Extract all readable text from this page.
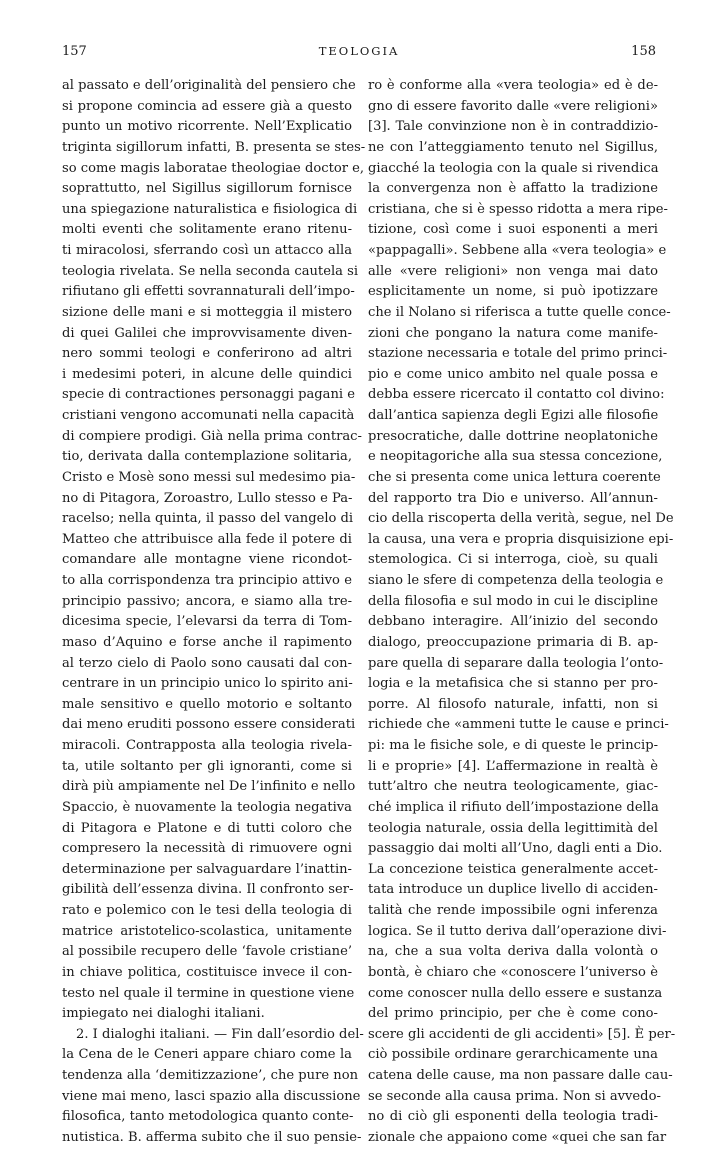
157	TEOLOGIA	158
al passato e dell’originalità del pensiero che
si propone comincia ad essere già a questo
punto un motivo ricorrente. Nell’Explicatio
triginta sigillorum infatti, B. presenta se stes-
so come magis laboratae theologiae doctor e,
soprattutto, nel Sigillus sigillorum fornisce
una spiegazione naturalistica e fisiologica di
molti eventi che solitamente erano ritenu-
ti miracolosi, sferrando così un attacco alla
teologia rivelata. Se nella seconda cautela si
rifiutano gli effetti sovrannaturali dell’impo-
sizione delle mani e si motteggia il mistero
di quei Galilei che improvvisamente diven-
nero sommi teologi e conferirono ad altri
i medesimi poteri, in alcune delle quindici
specie di contractiones personaggi pagani e
cristiani vengono accomunati nella capacità
di compiere prodigi. Già nella prima contrac-
tio, derivata dalla contemplazione solitaria,
Cristo e Mosè sono messi sul medesimo pia-
no di Pitagora, Zoroastro, Lullo stesso e Pa-
racelso; nella quinta, il passo del vangelo di
Matteo che attribuisce alla fede il potere di
comandare alle montagne viene ricondot-
to alla corrispondenza tra principio attivo e
principio passivo; ancora, e siamo alla tre-
dicesima specie, l’elevarsi da terra di Tom-
maso d’Aquino e forse anche il rapimento
al terzo cielo di Paolo sono causati dal con-
centrare in un principio unico lo spirito ani-
male sensitivo e quello motorio e soltanto
dai meno eruditi possono essere considerati
miracoli. Contrapposta alla teologia rivela-
ta, utile soltanto per gli ignoranti, come si
dirà più ampiamente nel De l’infinito e nello
Spaccio, è nuovamente la teologia negativa
di Pitagora e Platone e di tutti coloro che
compresero la necessità di rimuovere ogni
determinazione per salvaguardare l’inattin-
gibilità dell’essenza divina. Il confronto ser-
rato e polemico con le tesi della teologia di
matrice aristotelico-scolastica, unitamente
al possibile recupero delle ‘favole cristiane’
in chiave politica, costituisce invece il con-
testo nel quale il termine in questione viene
impiegato nei dialoghi italiani.
2. I dialoghi italiani. — Fin dall’esordio del-
la Cena de le Ceneri appare chiaro come la
tendenza alla ‘demitizzazione’, che pure non
viene mai meno, lasci spazio alla discussione
filosofica, tanto metodologica quanto conte-
nutistica. B. afferma subito che il suo pensie-
ro è conforme alla «vera teologia» ed è de-
gno di essere favorito dalle «vere religioni»
[3]. Tale convinzione non è in contraddizio-
ne con l’atteggiamento tenuto nel Sigillus,
giacché la teologia con la quale si rivendica
la convergenza non è affatto la tradizione
cristiana, che si è spesso ridotta a mera ripe-
tizione, così come i suoi esponenti a meri
«pappagalli». Sebbene alla «vera teologia» e
alle «vere religioni» non venga mai dato
esplicitamente un nome, si può ipotizzare
che il Nolano si riferisca a tutte quelle conce-
zioni che pongano la natura come manife-
stazione necessaria e totale del primo princi-
pio e come unico ambito nel quale possa e
debba essere ricercato il contatto col divino:
dall’antica sapienza degli Egizi alle filosofie
presocratiche, dalle dottrine neoplatoniche
e neopitagoriche alla sua stessa concezione,
che si presenta come unica lettura coerente
del rapporto tra Dio e universo. All’annun-
cio della riscoperta della verità, segue, nel De
la causa, una vera e propria disquisizione epi-
stemologica. Ci si interroga, cioè, su quali
siano le sfere di competenza della teologia e
della filosofia e sul modo in cui le discipline
debbano interagire. All’inizio del secondo
dialogo, preoccupazione primaria di B. ap-
pare quella di separare dalla teologia l’onto-
logia e la metafisica che si stanno per pro-
porre. Al filosofo naturale, infatti, non si
richiede che «ammeni tutte le cause e princi-
pi: ma le fisiche sole, e di queste le princip-
li e proprie» [4]. L’affermazione in realtà è
tutt’altro che neutra teologicamente, giac-
ché implica il rifiuto dell’impostazione della
teologia naturale, ossia della legittimità del
passaggio dai molti all’Uno, dagli enti a Dio.
La concezione teistica generalmente accet-
tata introduce un duplice livello di acciden-
talità che rende impossibile ogni inferenza
logica. Se il tutto deriva dall’operazione divi-
na, che a sua volta deriva dalla volontà o
bontà, è chiaro che «conoscere l’universo è
come conoscer nulla dello essere e sustanza
del primo principio, per che è come cono-
scere gli accidenti de gli accidenti» [5]. È per-
ciò possibile ordinare gerarchicamente una
catena delle cause, ma non passare dalle cau-
se seconde alla causa prima. Non si avvedo-
no di ciò gli esponenti della teologia tradi-
zionale che appaiono come «quei che san far
